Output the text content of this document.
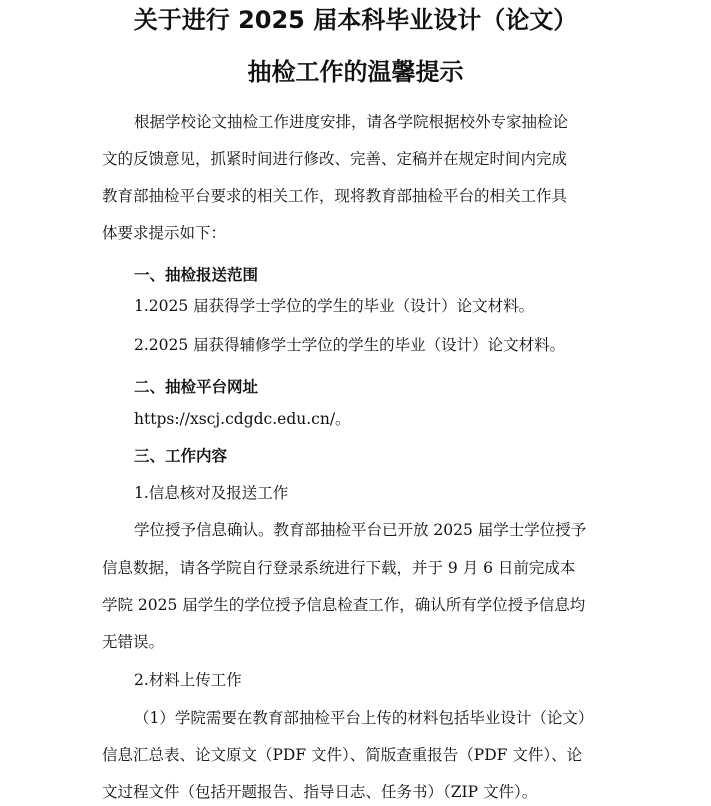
关于进行 2025 届本科毕业设计（论文）
抽检工作的温馨提示

根据学校论文抽检工作进度安排，请各学院根据校外专家抽检论

文的反馈意见，抓紧时间进行修改、完善、定稿并在规定时间内完成

教育部抽检平台要求的相关工作，现将教育部抽检平台的相关工作具

体要求提示如下：

一、抽检报送范围

1.2025 届获得学士学位的学生的毕业（设计）论文材料。

2.2025 届获得辅修学士学位的学生的毕业（设计）论文材料。

二、抽检平台网址

https://xscj.cdgdc.edu.cn/。

三、工作内容

1.信息核对及报送工作

学位授予信息确认。教育部抽检平台已开放 2025 届学士学位授予

信息数据，请各学院自行登录系统进行下载，并于 9 月 6 日前完成本

学院 2025 届学生的学位授予信息检查工作，确认所有学位授予信息均

无错误。

2.材料上传工作

（1）学院需要在教育部抽检平台上传的材料包括毕业设计（论文）

信息汇总表、论文原文（PDF 文件）、简版查重报告（PDF 文件）、论

文过程文件（包括开题报告、指导日志、任务书）（ZIP 文件）。
